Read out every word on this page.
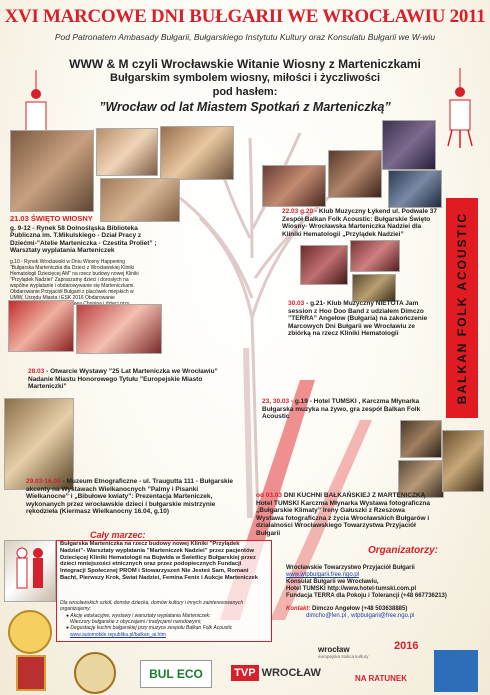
XVI MARCOWE DNI BUŁGARII WE WROCŁAWIU 2011
Pod Patronatem Ambasady Bułgarii, Bułgarskiego Instytutu Kultury oraz Konsulatu Bułgarii we W-wiu
WWW & M czyli Wrocławskie Witanie Wiosny z Marteniczkami
Bułgarskim symbolem wiosny, miłości i życzliwości
pod hasłem:
”Wrocław od lat Miastem Spotkań z Marteniczką”
21.03 ŚWIĘTO WIOSNY
g. 9-12 - Rynek 58 Dolnośląska Biblioteka Publiczna im. T.Mikulskiego - Dział Pracy z Dziećmi-”Atelie Marteniczka - Czestita Proliet” ; Warsztaty wyplatania Marteniczek
g.10 - Rynek Wrocławski w Dniu Wiosny Happening ”Bułgarska Marteniczka dla Dzieci z Wrocławskiej Kliniki Hematologii Dziecięcej AM” na rzecz budowy nowej Kliniki ”Przylądek Nadziei” Zapraszamy dzieci i dorosłych na wspólne wyplatanie i obdarowywanie się Marteniczkami. Obdarowanie Przyjaciół Bułgarii z placówek miejskich w UMW, Urzędu Miasta i ESK 2016 Obdarowanie Orawa
22.03 g.20 - Klub Muzyczny Łykend ul. Podwale 37 Zespół Balkan Folk Acoustic: Bułgarskie Święto Wiosny- Wrocławska Marteniczka Nadziei dla Kliniki Hematologii „Przylądek Nadziei”
30.03 - g.21- Klub Muzyczny NIETOTA Jam session z Hoo Doo Band z udziałem Dimczo ”TERRA” Angełow (Bułgaria) na zakończenie Marcowych Dni Bułgarii we Wrocławiu ze zbiórką na rzecz Kliniki Hematologii
28.03 - Otwarcie Wystawy ”25 Lat Marteniczka we Wrocławiu” Nadanie Miastu Honorowego Tytułu ”Europejskie Miasto Marteniczki”
23, 30.03 - g.19 - Hotel TUMSKI , Karczma Młynarka Bułgarska muzyka na żywo, gra zespół Balkan Folk Acoustic
BALKAN FOLK ACOUSTIC
29.03-16.04 - Muzeum Etnograficzne - ul. Traugutta 111 - Bułgarskie akcenty na Wystawach Wielkanocnych ”Palmy i Pisanki Wielkanocne” i „Bibułowe kwiaty”: Prezentacja Marteniczek, wykonanych przez wrocławskie dzieci i bułgarskie mistrzynie rękodzieła (Kiermasz Wielkanocny 16.04, g.10)
od 03.03 DNI KUCHNI BAŁKAŃSKIEJ Z MARTENICZKĄ Hotel TUMSKI Karczma Młynarka Wystawa fotograficzna „Bułgarskie Klimaty” Ireny Gałuszki z Rzeszowa Wystawa fotograficzna z życia Wrocławskich Bułgarów i działalności Wrocławskiego Towarzystwa Przyjaciół Bułgarii
Cały marzec:
Bułgarska Marteniczka na rzecz budowy nowej Kliniki ”Przylądek Nadziei”- Warsztaty wyplatania ”Marteniczek Nadziei” przez pacjentów Dziecięcej Kliniki Hematologii na Bujwida w Świetlicy Bułgarskiej przez dzieci mniejszości etnicznych oraz przez podopiecznych Fundacji Integracji Społecznej PROM i Stowarzyszeń Nie Jesteś Sam, Romani Bacht, Pierwszy Krok, Świat Nadziei, Femina Fenix i Aukcje Marteniczek
Dla wrocławskich szkół, domów dziecka, domów kultury i innych zainteresowanych organizujemy:
● Akcje edukacyjne, wystawy i warsztaty wyplatania Marteniczek:
Wieczory bułgarskie z obyczajami i tradycjami narodowymi;
● Degustację kuchni bułgarskiej przy muzyce zespołu Balkan Folk Acoustic
www.automobile.republika.pl/balkan_ai.htm
Organizatorzy:
Wrocławskie Towarzystwo Przyjaciół Bułgarii
www.wtpbulgarii.free.ngo.pl
Konsulat Bułgarii we Wrocławiu,
Hotel TUMSKI http://www.hotel-tumski.com.pl
Fundacja TERRA dla Pokoju i Tolerancji (+48 667736213)
Kontakt: Dimczo Angełow (+48 503638885)
dimcho@fen.pl , wtpbulgarii@free.ngo.pl
BUL ECO	TVP WROCŁAW
wrocław
europejska stolica kultury
2016
NA RATUNEK
